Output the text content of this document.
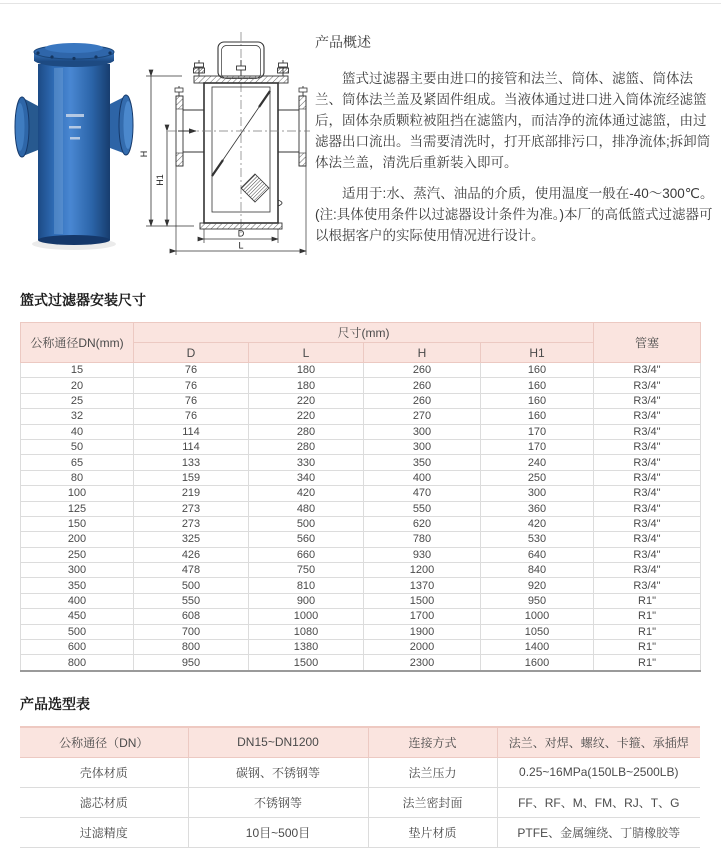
H
H1
D
L
产品概述

篮式过滤器主要由进口的接管和法兰、筒体、滤篮、筒体法兰、筒体法兰盖及紧固件组成。当液体通过进口进入筒体流经滤篮后，固体杂质颗粒被阻挡在滤篮内，而洁净的流体通过滤篮，由过滤器出口流出。当需要清洗时，打开底部排污口，排净流体;拆卸筒体法兰盖，清洗后重新装入即可。

适用于:水、蒸汽、油品的介质，使用温度一般在-40～300℃。(注:具体使用条件以过滤器设计条件为准。)本厂的高低篮式过滤器可以根据客户的实际使用情况进行设计。

篮式过滤器安装尺寸
公称通径DN(mm)	尺寸(mm)				管塞
	D	L	H	H1	
15	76	180	260	160	R3/4"
20	76	180	260	160	R3/4"
25	76	220	260	160	R3/4"
32	76	220	270	160	R3/4"
40	114	280	300	170	R3/4"
50	114	280	300	170	R3/4"
65	133	330	350	240	R3/4"
80	159	340	400	250	R3/4"
100	219	420	470	300	R3/4"
125	273	480	550	360	R3/4"
150	273	500	620	420	R3/4"
200	325	560	780	530	R3/4"
250	426	660	930	640	R3/4"
300	478	750	1200	840	R3/4"
350	500	810	1370	920	R3/4"
400	550	900	1500	950	R1"
450	608	1000	1700	1000	R1"
500	700	1080	1900	1050	R1"
600	800	1380	2000	1400	R1"
800	950	1500	2300	1600	R1"
产品选型表
公称通径（DN）	DN15~DN1200	连接方式	法兰、对焊、螺纹、卡箍、承插焊
壳体材质	碳钢、不锈钢等	法兰压力	0.25~16MPa(150LB~2500LB)
滤芯材质	不锈钢等	法兰密封面	FF、RF、M、FM、RJ、T、G
过滤精度	10目~500目	垫片材质	PTFE、金属缠绕、丁腈橡胶等
